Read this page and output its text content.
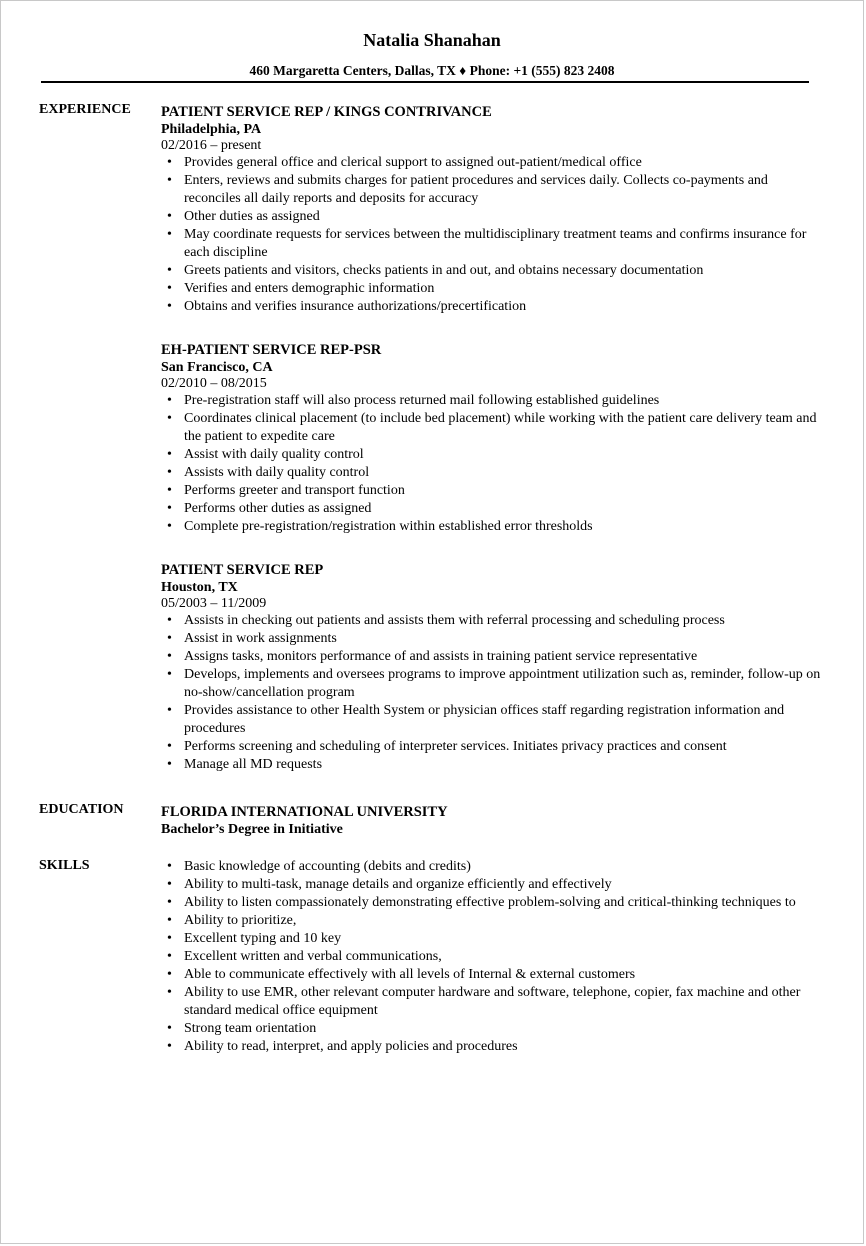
Natalia Shanahan
460 Margaretta Centers, Dallas, TX ♦ Phone: +1 (555) 823 2408
EXPERIENCE PATIENT SERVICE REP / KINGS CONTRIVANCE
Philadelphia, PA
02/2016 – present
• Provides general office and clerical support to assigned out-patient/medical office
• Enters, reviews and submits charges for patient procedures and services daily. Collects co-payments and reconciles all daily reports and deposits for accuracy
• Other duties as assigned
• May coordinate requests for services between the multidisciplinary treatment teams and confirms insurance for each discipline
• Greets patients and visitors, checks patients in and out, and obtains necessary documentation
• Verifies and enters demographic information
• Obtains and verifies insurance authorizations/precertification
EH-PATIENT SERVICE REP-PSR
San Francisco, CA
02/2010 – 08/2015
• Pre-registration staff will also process returned mail following established guidelines
• Coordinates clinical placement (to include bed placement) while working with the patient care delivery team and the patient to expedite care
• Assist with daily quality control
• Assists with daily quality control
• Performs greeter and transport function
• Performs other duties as assigned
• Complete pre-registration/registration within established error thresholds
PATIENT SERVICE REP
Houston, TX
05/2003 – 11/2009
• Assists in checking out patients and assists them with referral processing and scheduling process
• Assist in work assignments
• Assigns tasks, monitors performance of and assists in training patient service representative
• Develops, implements and oversees programs to improve appointment utilization such as, reminder, follow-up on no-show/cancellation program
• Provides assistance to other Health System or physician offices staff regarding registration information and procedures
• Performs screening and scheduling of interpreter services. Initiates privacy practices and consent
• Manage all MD requests
EDUCATION	FLORIDA INTERNATIONAL UNIVERSITY
Bachelor’s Degree in Initiative
SKILLS
•	Basic knowledge of accounting (debits and credits)
• Ability to multi-task, manage details and organize efficiently and effectively
• Ability to listen compassionately demonstrating effective problem-solving and critical-thinking techniques to
• Ability to prioritize,
• Excellent typing and 10 key
• Excellent written and verbal communications,
• Able to communicate effectively with all levels of Internal & external customers
• Ability to use EMR, other relevant computer hardware and software, telephone, copier, fax machine and other standard medical office equipment
• Strong team orientation
• Ability to read, interpret, and apply policies and procedures
